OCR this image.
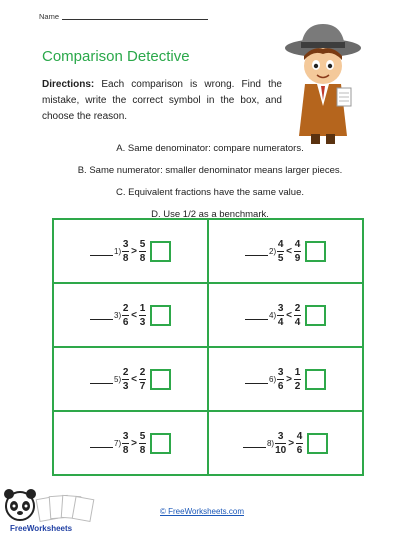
Name
Comparison Detective
Directions: Each comparison is wrong. Find the mistake, write the correct symbol in the box, and choose the reason.
A. Same denominator: compare numerators.
B. Same numerator: smaller denominator means larger pieces.
C. Equivalent fractions have the same value.
D. Use 1/2 as a benchmark.
$1) \frac{3}{8} > \frac{5}{8}$	$2) \frac{4}{5} < \frac{4}{9}$
$3) \frac{2}{6} < \frac{1}{3}$	$4) \frac{3}{4} < \frac{2}{4}$
$5) \frac{2}{3} < \frac{2}{7}$	$6) \frac{3}{6} > \frac{1}{2}$
$7) \frac{3}{8} > \frac{5}{8}$	$8) \frac{3}{10} > \frac{4}{6}$
FreeWorksheets
© FreeWorksheets.com
